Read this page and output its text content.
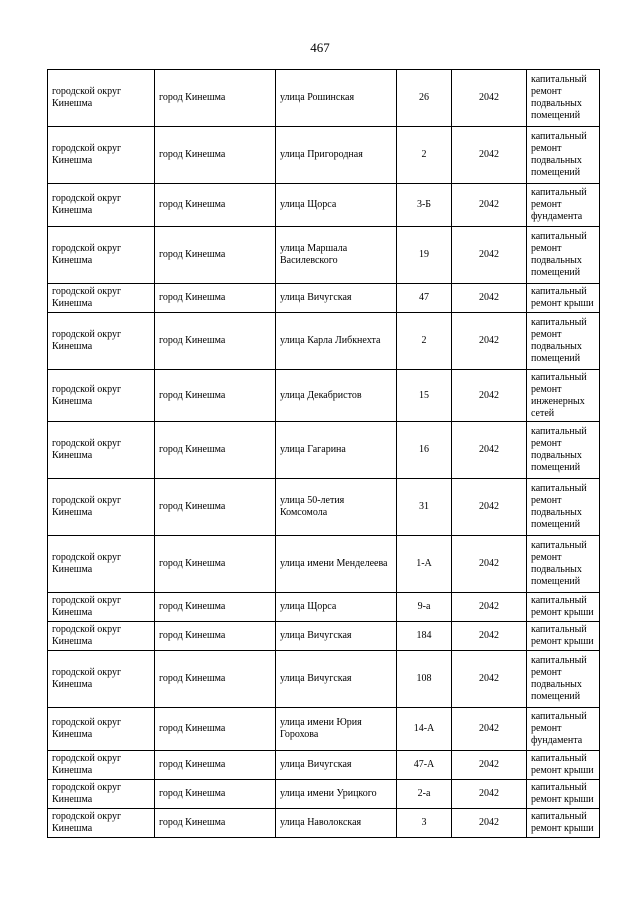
467
городской округ Кинешма	город Кинешма	улица Рошинская	26	2042	капитальный ремонт подвальных помещений
городской округ Кинешма	город Кинешма	улица Пригородная	2	2042	капитальный ремонт подвальных помещений
городской округ Кинешма	город Кинешма	улица Щорса	3-Б	2042	капитальный ремонт фундамента
городской округ Кинешма	город Кинешма	улица Маршала Василевского	19	2042	капитальный ремонт подвальных помещений
городской округ Кинешма	город Кинешма	улица Вичугская	47	2042	капитальный ремонт крыши
городской округ Кинешма	город Кинешма	улица Карла Либкнехта	2	2042	капитальный ремонт подвальных помещений
городской округ Кинешма	город Кинешма	улица Декабристов	15	2042	капитальный ремонт инженерных сетей
городской округ Кинешма	город Кинешма	улица Гагарина	16	2042	капитальный ремонт подвальных помещений
городской округ Кинешма	город Кинешма	улица 50-летия Комсомола	31	2042	капитальный ремонт подвальных помещений
городской округ Кинешма	город Кинешма	улица имени Менделеева	1-А	2042	капитальный ремонт подвальных помещений
городской округ Кинешма	город Кинешма	улица Щорса	9-а	2042	капитальный ремонт крыши
городской округ Кинешма	город Кинешма	улица Вичугская	184	2042	капитальный ремонт крыши
городской округ Кинешма	город Кинешма	улица Вичугская	108	2042	капитальный ремонт подвальных помещений
городской округ Кинешма	город Кинешма	улица имени Юрия Горохова	14-А	2042	капитальный ремонт фундамента
городской округ Кинешма	город Кинешма	улица Вичугская	47-А	2042	капитальный ремонт крыши
городской округ Кинешма	город Кинешма	улица имени Урицкого	2-а	2042	капитальный ремонт крыши
городской округ Кинешма	город Кинешма	улица Наволокская	3	2042	капитальный ремонт крыши
